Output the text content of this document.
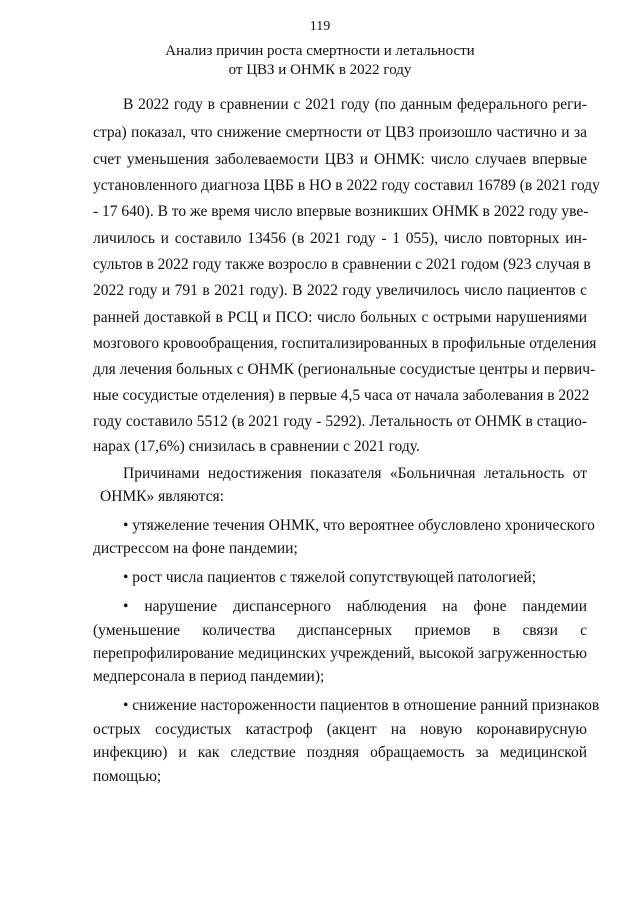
119
Анализ причин роста смертности и летальности
от ЦВЗ и ОНМК в 2022 году
В 2022 году в сравнении с 2021 году (по данным федерального реги-
стра) показал, что снижение смертности от ЦВЗ произошло частично и за
счет уменьшения заболеваемости ЦВЗ и ОНМК: число случаев впервые
установленного диагноза ЦВБ в НО в 2022 году составил 16789 (в 2021 году
- 17 640). В то же время число впервые возникших ОНМК в 2022 году уве-
личилось и составило 13456 (в 2021 году - 1 055), число повторных ин-
сультов в 2022 году также возросло в сравнении с 2021 годом (923 случая в
2022 году и 791 в 2021 году). В 2022 году увеличилось число пациентов с
ранней доставкой в РСЦ и ПСО: число больных с острыми нарушениями
мозгового кровообращения, госпитализированных в профильные отделения
для лечения больных с ОНМК (региональные сосудистые центры и первич-
ные сосудистые отделения) в первые 4,5 часа от начала заболевания в 2022
году составило 5512 (в 2021 году - 5292). Летальность от ОНМК в стацио-
нарах (17,6%) снизилась в сравнении с 2021 году.
Причинами недостижения показателя «Больничная летальность от
ОНМК» являются:
• утяжеление течения ОНМК, что вероятнее обусловлено хронического
дистрессом на фоне пандемии;
• рост числа пациентов с тяжелой сопутствующей патологией;
• нарушение диспансерного наблюдения на фоне пандемии
(уменьшение количества диспансерных приемов в связи с
перепрофилирование медицинских учреждений, высокой загруженностью
медперсонала в период пандемии);
• снижение настороженности пациентов в отношение ранний признаков
острых сосудистых катастроф (акцент на новую коронавирусную
инфекцию) и как следствие поздняя обращаемость за медицинской
помощью;
